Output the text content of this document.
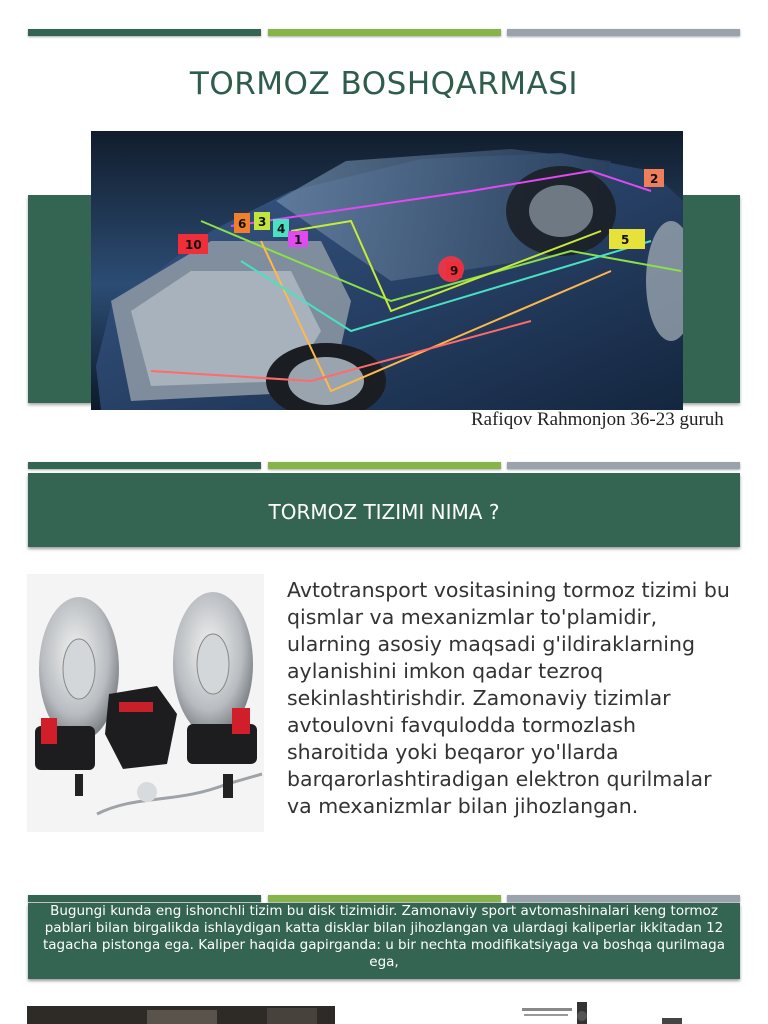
TORMOZ BOSHQARMASI
10
6 3 4
1
9
5
2
Rafiqov Rahmonjon 36-23 guruh
TORMOZ TIZIMI NIMA ?
Avtotransport vositasining tormoz tizimi bu qismlar va mexanizmlar to'plamidir, ularning asosiy maqsadi g'ildiraklarning aylanishini imkon qadar tezroq sekinlashtirishdir. Zamonaviy tizimlar avtoulovni favqulodda tormozlash sharoitida yoki beqaror yo'llarda barqarorlashtiradigan elektron qurilmalar va mexanizmlar bilan jihozlangan.
Bugungi kunda eng ishonchli tizim bu disk tizimidir. Zamonaviy sport avtomashinalari keng tormoz pablari bilan birgalikda ishlaydigan katta disklar bilan jihozlangan va ulardagi kaliperlar ikkitadan 12 tagacha pistonga ega. Kaliper haqida gapirganda: u bir nechta modifikatsiyaga va boshqa qurilmaga ega,
